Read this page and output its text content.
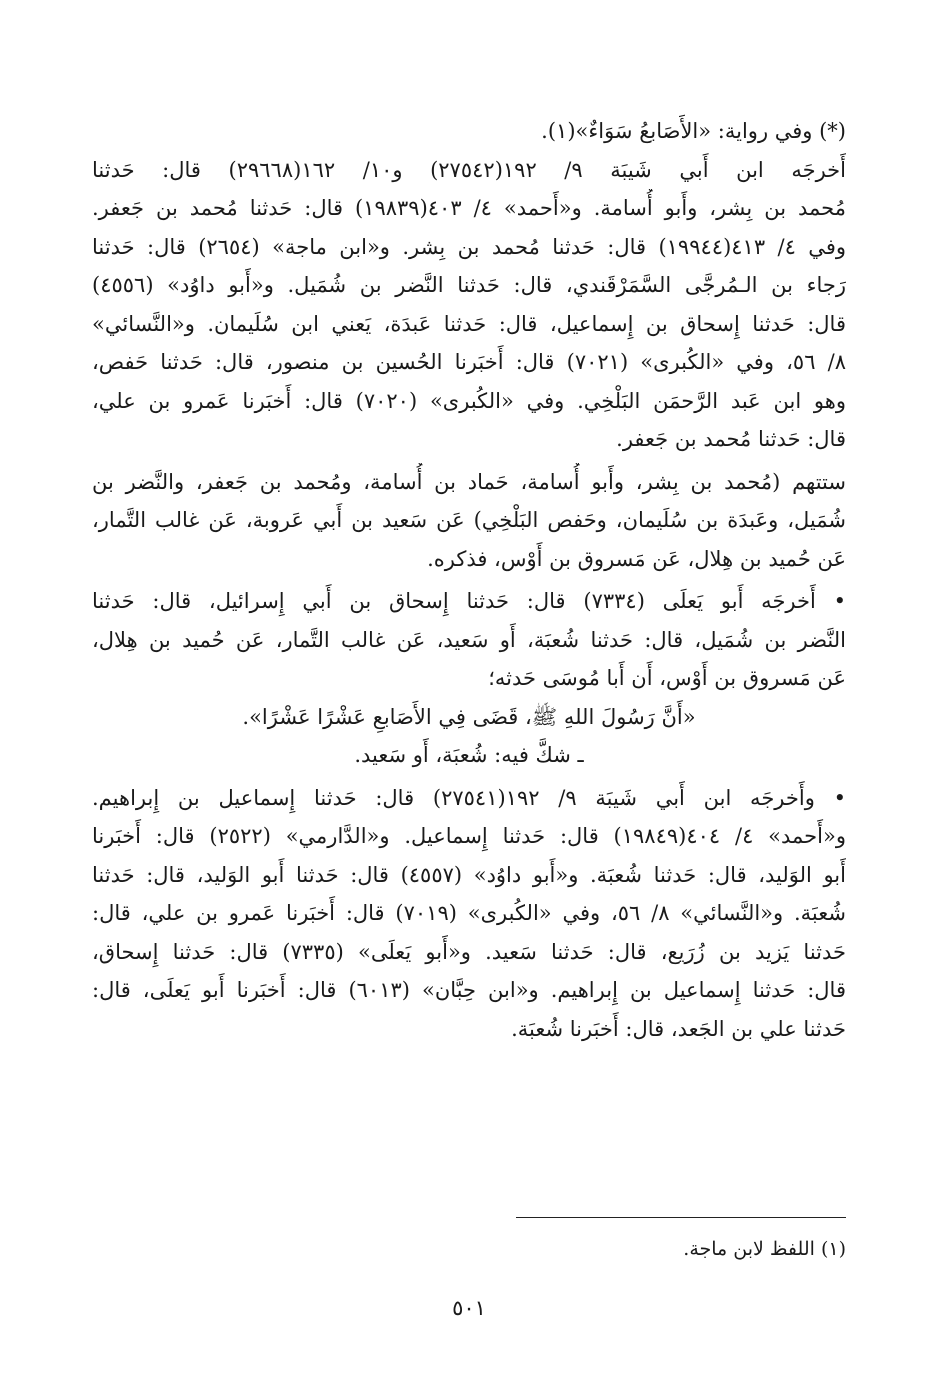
(*) وفي رواية: «الأَصَابعُ سَوَاءٌ»(١).
أَخرجَه ابن أَبي شَيبَة ٩/ ١٩٢(٢٧٥٤٢) و١٠/ ١٦٢(٢٩٦٦٨) قال: حَدثنا
مُحمد بن بِشر، وأَبو أُسامة. و«أَحمد» ٤/ ٤٠٣(١٩٨٣٩) قال: حَدثنا مُحمد بن جَعفر.
وفي ٤/ ٤١٣(١٩٩٤٤) قال: حَدثنا مُحمد بن بِشر. و«ابن ماجة» (٢٦٥٤) قال: حَدثنا
رَجاء بن الـمُرجَّى السَّمَرْقَندي، قال: حَدثنا النَّضر بن شُمَيل. و«أَبو داوُد» (٤٥٥٦)
قال: حَدثنا إِسحاق بن إِسماعيل، قال: حَدثنا عَبدَة، يَعني ابن سُلَيمان. و«النَّسائي»
٨/ ٥٦، وفي «الكُبرى» (٧٠٢١) قال: أَخبَرنا الحُسين بن منصور، قال: حَدثنا حَفص،
وهو ابن عَبد الرَّحمَن البَلْخِي. وفي «الكُبرى» (٧٠٢٠) قال: أَخبَرنا عَمرو بن علي،
قال: حَدثنا مُحمد بن جَعفر.
ستتهم (مُحمد بن بِشر، وأَبو أُسامة، حَماد بن أُسامة، ومُحمد بن جَعفر، والنَّضر بن
شُمَيل، وعَبدَة بن سُلَيمان، وحَفص البَلْخِي) عَن سَعيد بن أَبي عَروبة، عَن غالب التَّمار،
عَن حُميد بن هِلال، عَن مَسروق بن أَوْس، فذكره.
• أَخرجَه أَبو يَعلَى (٧٣٣٤) قال: حَدثنا إِسحاق بن أَبي إِسرائيل، قال: حَدثنا
النَّضر بن شُمَيل، قال: حَدثنا شُعبَة، أَو سَعيد، عَن غالب التَّمار، عَن حُميد بن هِلال،
عَن مَسروق بن أَوْس، أَن أَبا مُوسَى حَدثه؛
«أَنَّ رَسُولَ اللهِ ﷺ، قَضَى فِي الأَصَابعِ عَشْرًا عَشْرًا».
ـ شكَّ فيه: شُعبَة، أَو سَعيد.
• وأَخرجَه ابن أَبي شَيبَة ٩/ ١٩٢(٢٧٥٤١) قال: حَدثنا إِسماعيل بن إِبراهيم.
و«أَحمد» ٤/ ٤٠٤(١٩٨٤٩) قال: حَدثنا إِسماعيل. و«الدَّارمي» (٢٥٢٢) قال: أَخبَرنا
أَبو الوَليد، قال: حَدثنا شُعبَة. و«أَبو داوُد» (٤٥٥٧) قال: حَدثنا أَبو الوَليد، قال: حَدثنا
شُعبَة. و«النَّسائي» ٨/ ٥٦، وفي «الكُبرى» (٧٠١٩) قال: أَخبَرنا عَمرو بن علي، قال:
حَدثنا يَزيد بن زُرَيع، قال: حَدثنا سَعيد. و«أَبو يَعلَى» (٧٣٣٥) قال: حَدثنا إِسحاق،
قال: حَدثنا إِسماعيل بن إِبراهيم. و«ابن حِبَّان» (٦٠١٣) قال: أَخبَرنا أَبو يَعلَى، قال:
حَدثنا علي بن الجَعد، قال: أَخبَرنا شُعبَة.
(١) اللفظ لابن ماجة.
٥٠١
